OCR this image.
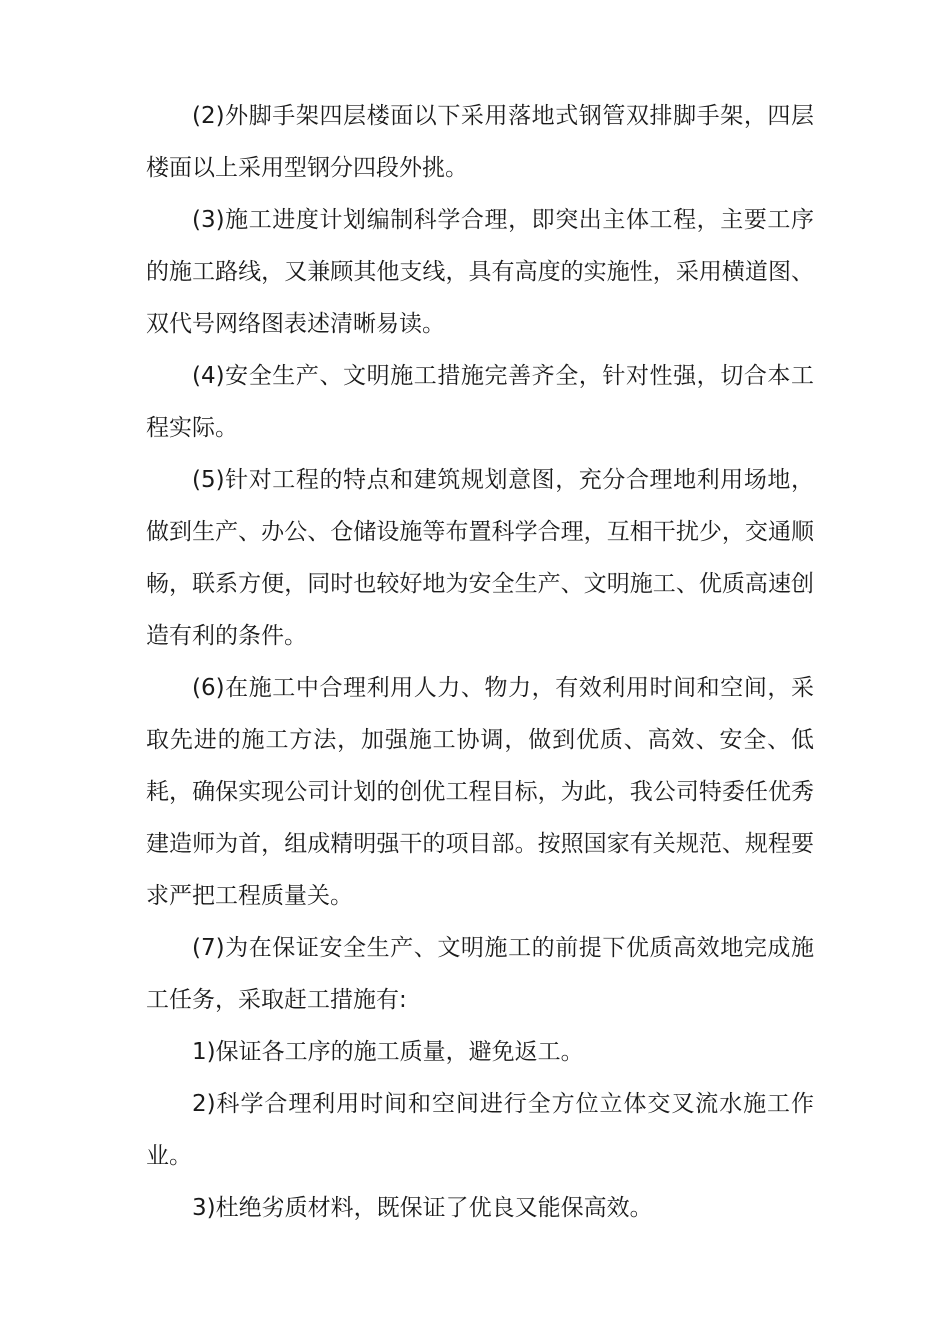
(2)外脚手架四层楼面以下采用落地式钢管双排脚手架，四层楼面以上采用型钢分四段外挑。

(3)施工进度计划编制科学合理，即突出主体工程，主要工序的施工路线，又兼顾其他支线，具有高度的实施性，采用横道图、双代号网络图表述清晰易读。

(4)安全生产、文明施工措施完善齐全，针对性强，切合本工程实际。

(5)针对工程的特点和建筑规划意图，充分合理地利用场地，做到生产、办公、仓储设施等布置科学合理，互相干扰少，交通顺畅，联系方便，同时也较好地为安全生产、文明施工、优质高速创造有利的条件。

(6)在施工中合理利用人力、物力，有效利用时间和空间，采取先进的施工方法，加强施工协调，做到优质、高效、安全、低耗，确保实现公司计划的创优工程目标，为此，我公司特委任优秀建造师为首，组成精明强干的项目部。按照国家有关规范、规程要求严把工程质量关。

(7)为在保证安全生产、文明施工的前提下优质高效地完成施工任务，采取赶工措施有:

1)保证各工序的施工质量，避免返工。

2)科学合理利用时间和空间进行全方位立体交叉流水施工作业。

3)杜绝劣质材料，既保证了优良又能保高效。
